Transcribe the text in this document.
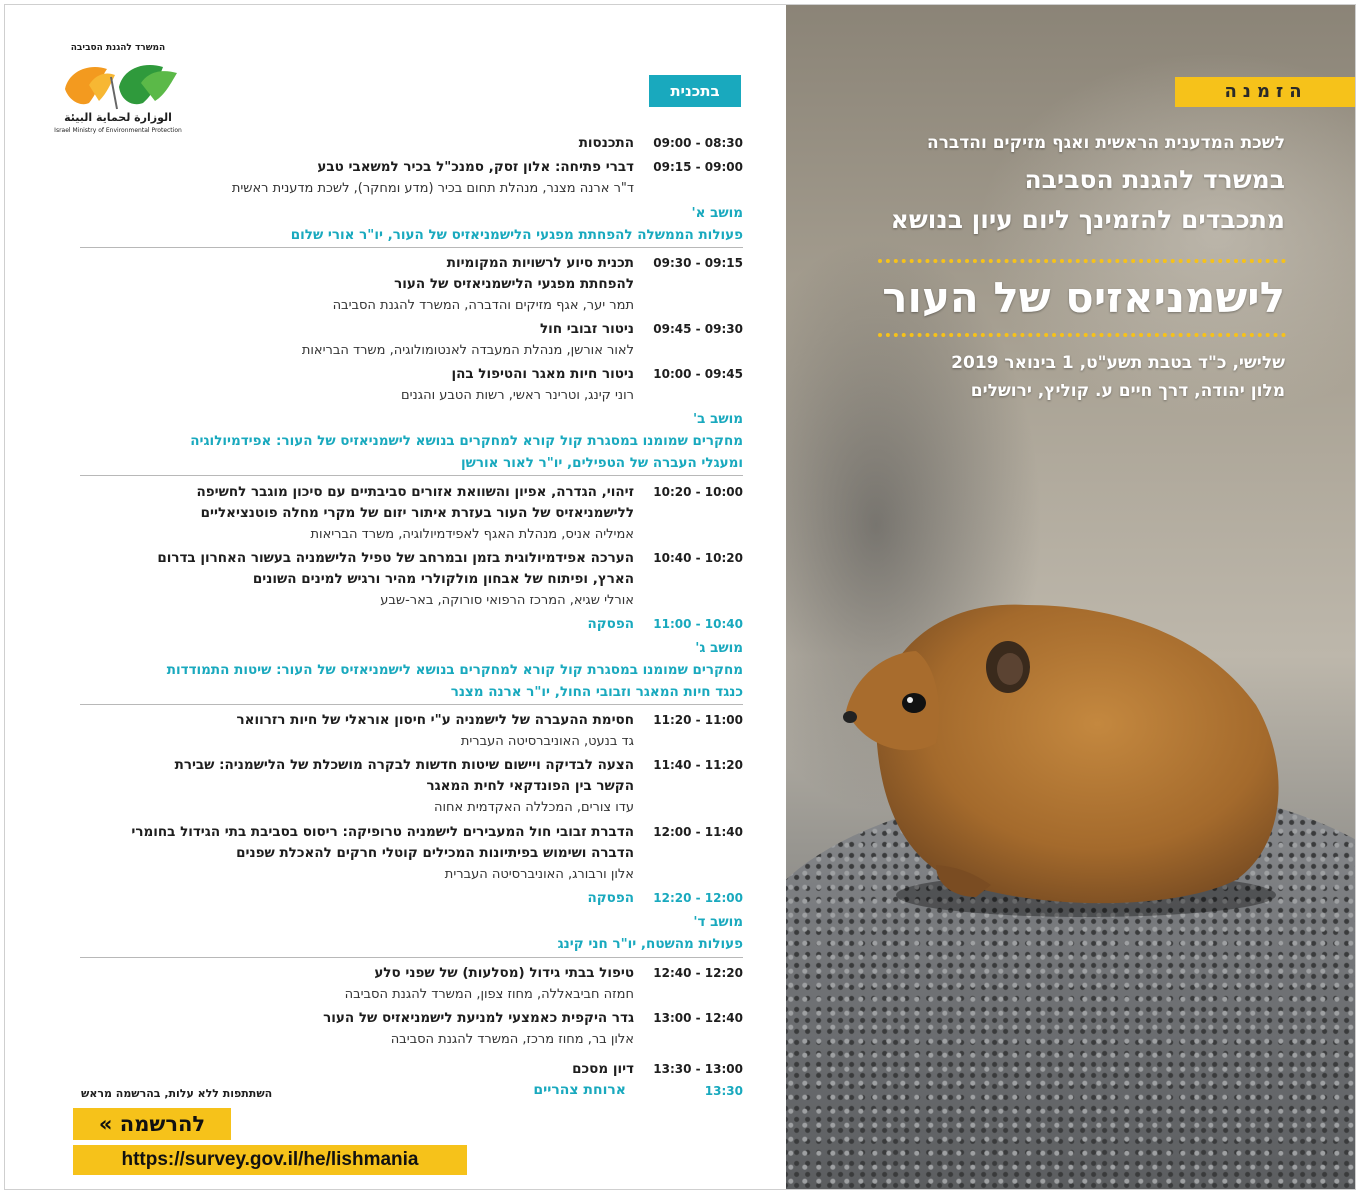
המשרד להגנת הסביבה
الوزارة لحماية البيئة
Israel Ministry of Environmental Protection
בתכנית
09:00 - 08:30
התכנסות
09:15 - 09:00
דברי פתיחה: אלון זסק, סמנכ"ל בכיר למשאבי טבע
ד"ר ארנה מצנר, מנהלת תחום בכיר (מדע ומחקר), לשכת מדענית ראשית
מושב א'
פעולות הממשלה להפחתת מפגעי הלישמניאזיס של העור, יו"ר אורי שלום
09:30 - 09:15
תכנית סיוע לרשויות המקומיות
להפחתת מפגעי הלישמניאזיס של העור
תמר יער, אגף מזיקים והדברה, המשרד להגנת הסביבה
09:45 - 09:30
ניטור זבובי חול
לאור אורשן, מנהלת המעבדה לאנטומולוגיה, משרד הבריאות
10:00 - 09:45
ניטור חיות מאגר והטיפול בהן
רוני קינג, וטרינר ראשי, רשות הטבע והגנים
מושב ב'
מחקרים שמומנו במסגרת קול קורא למחקרים בנושא לישמניאזיס של העור: אפידמיולוגיה
ומעגלי העברה של הטפילים, יו"ר לאור אורשן
10:20 - 10:00
זיהוי, הגדרה, אפיון והשוואת אזורים סביבתיים עם סיכון מוגבר לחשיפה
ללישמניאזיס של העור בעזרת איתור יזום של מקרי מחלה פוטנציאליים
אמיליה אניס, מנהלת האגף לאפידמיולוגיה, משרד הבריאות
10:40 - 10:20
הערכה אפידמיולוגית בזמן ובמרחב של טפיל הלישמניה בעשור האחרון בדרום
הארץ, ופיתוח של אבחון מולקולרי מהיר ורגיש למינים השונים
אורלי שגיא, המרכז הרפואי סורוקה, באר-שבע
11:00 - 10:40
הפסקה
מושב ג'
מחקרים שמומנו במסגרת קול קורא למחקרים בנושא לישמניאזיס של העור: שיטות התמודדות
כנגד חיות המאגר וזבובי החול, יו"ר ארנה מצנר
11:20 - 11:00
חסימת ההעברה של לישמניה ע"י חיסון אוראלי של חיות רזרוואר
גד בנעט, האוניברסיטה העברית
11:40 - 11:20
הצעה לבדיקה ויישום שיטות חדשות לבקרה מושכלת של הלישמניה: שבירת
הקשר בין הפונדקאי לחית המאגר
עדו צורים, המכללה האקדמית אחוה
12:00 - 11:40
הדברת זבובי חול המעבירים לישמניה טרופיקה: ריסוס בסביבת בתי הגידול בחומרי
הדברה ושימוש בפיתיונות המכילים קוטלי חרקים להאכלת שפנים
אלון ורבורג, האוניברסיטה העברית
12:20 - 12:00
הפסקה
מושב ד'
פעולות מהשטח, יו"ר חני קינג
12:40 - 12:20
טיפול בבתי גידול (מסלעות) של שפני סלע
חמזה חביבאללה, מחוז צפון, המשרד להגנת הסביבה
13:00 - 12:40
גדר היקפית כאמצעי למניעת לישמניאזיס של העור
אלון בר, מחוז מרכז, המשרד להגנת הסביבה
13:30 - 13:00
דיון מסכם
13:30
ארוחת צהריים
השתתפות ללא עלות, בהרשמה מראש
להרשמה »
https://survey.gov.il/he/lishmania
הזמנה
לשכת המדענית הראשית ואגף מזיקים והדברה
במשרד להגנת הסביבה
מתכבדים להזמינך ליום עיון בנושא
לישמניאזיס של העור
שלישי, כ"ד בטבת תשע"ט, 1 בינואר 2019
מלון יהודה, דרך חיים ע. קוליץ, ירושלים
